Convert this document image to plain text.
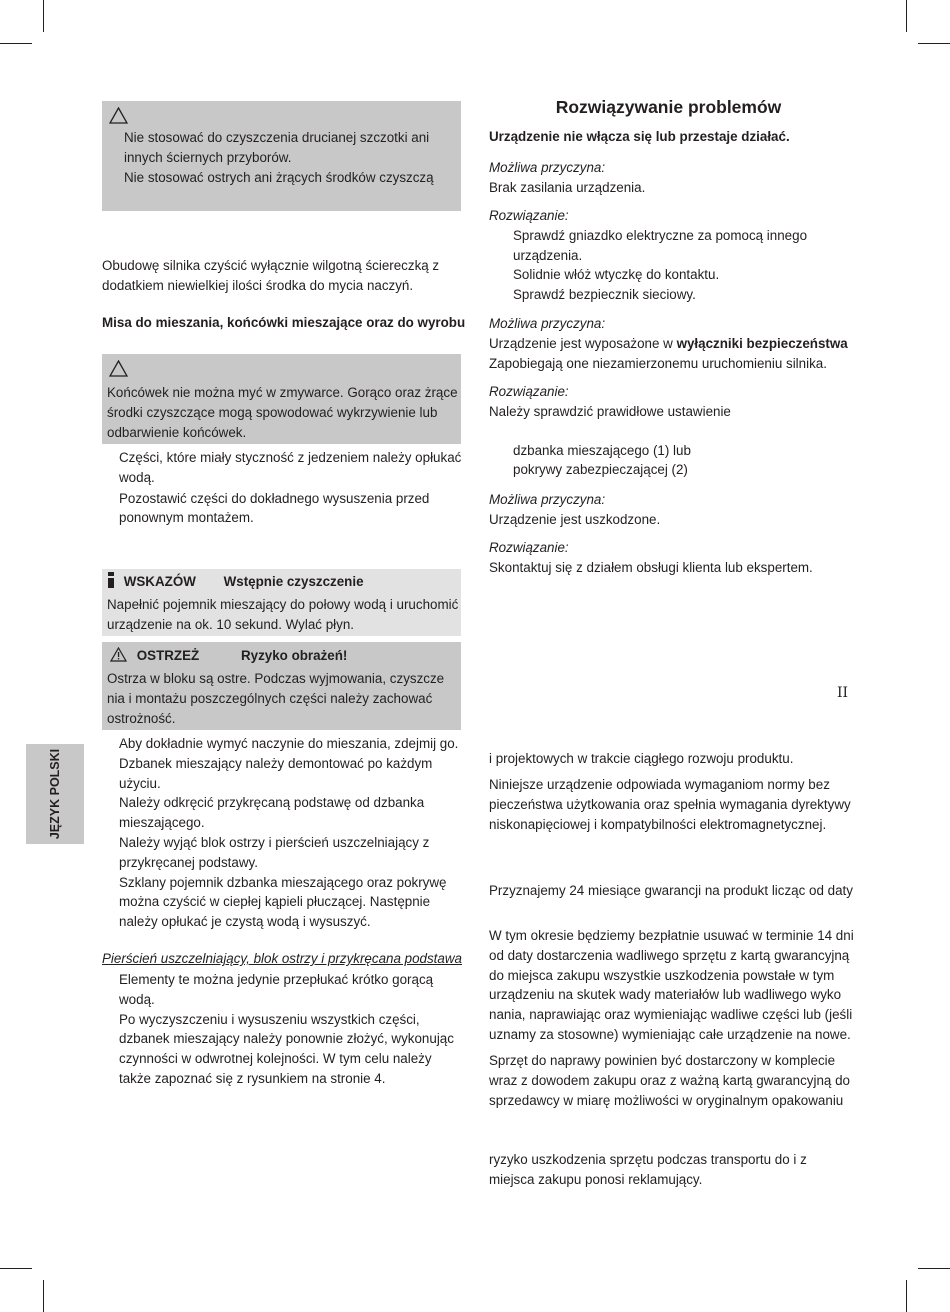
Nie stosować do czyszczenia drucianej szczotki ani
innych ściernych przyborów.
Nie stosować ostrych ani żrących środków czyszczą
Obudowę silnika czyścić wyłącznie wilgotną ściereczką z
dodatkiem niewielkiej ilości środka do mycia naczyń.
Misa do mieszania, końcówki mieszające oraz do wyrobu
Końcówek nie można myć w zmywarce. Gorąco oraz żrące
środki czyszczące mogą spowodować wykrzywienie lub
odbarwienie końcówek.
Części, które miały styczność z jedzeniem należy opłukać
wodą.
Pozostawić części do dokładnego wysuszenia przed
ponownym montażem.
WSKAZÓW Wstępnie czyszczenie
Napełnić pojemnik mieszający do połowy wodą i uruchomić
urządzenie na ok. 10 sekund. Wylać płyn.
OSTRZEŻ	Ryzyko obrażeń!
Ostrza w bloku są ostre. Podczas wyjmowania, czyszcze
nia i montażu poszczególnych części należy zachować
ostrożność.
Aby dokładnie wymyć naczynie do mieszania, zdejmij go.
Dzbanek mieszający należy demontować po każdym
użyciu.
Należy odkręcić przykręcaną podstawę od dzbanka
mieszającego.
Należy wyjąć blok ostrzy i pierścień uszczelniający z
przykręcanej podstawy.
Szklany pojemnik dzbanka mieszającego oraz pokrywę
można czyścić w ciepłej kąpieli płuczącej. Następnie
należy opłukać je czystą wodą i wysuszyć.
Pierścień uszczelniający, blok ostrzy i przykręcana podstawa
Elementy te można jedynie przepłukać krótko gorącą
wodą.
Po wyczyszczeniu i wysuszeniu wszystkich części,
dzbanek mieszający należy ponownie złożyć, wykonując
czynności w odwrotnej kolejności. W tym celu należy
także zapoznać się z rysunkiem na stronie 4.
JĘZYK POLSKI
Rozwiązywanie problemów
Urządzenie nie włącza się lub przestaje działać.
Możliwa przyczyna:
Brak zasilania urządzenia.
Rozwiązanie:
Sprawdź gniazdko elektryczne za pomocą innego
urządzenia.
Solidnie włóż wtyczkę do kontaktu.
Sprawdź bezpiecznik sieciowy.
Możliwa przyczyna:
Urządzenie jest wyposażone w wyłączniki bezpieczeństwa
Zapobiegają one niezamierzonemu uruchomieniu silnika.
Rozwiązanie:
Należy sprawdzić prawidłowe ustawienie
dzbanka mieszającego (1) lub
pokrywy zabezpieczającej (2)
Możliwa przyczyna:
Urządzenie jest uszkodzone.
Rozwiązanie:
Skontaktuj się z działem obsługi klienta lub ekspertem.
II
i projektowych w trakcie ciągłego rozwoju produktu.
Niniejsze urządzenie odpowiada wymaganiom normy bez
pieczeństwa użytkowania oraz spełnia wymagania dyrektywy
niskonapięciowej i kompatybilności elektromagnetycznej.
Przyznajemy 24 miesiące gwarancji na produkt licząc od daty
W tym okresie będziemy bezpłatnie usuwać w terminie 14 dni
od daty dostarczenia wadliwego sprzętu z kartą gwarancyjną
do miejsca zakupu wszystkie uszkodzenia powstałe w tym
urządzeniu na skutek wady materiałów lub wadliwego wyko
nania, naprawiając oraz wymieniając wadliwe części lub (jeśli
uznamy za stosowne) wymieniając całe urządzenie na nowe.
Sprzęt do naprawy powinien być dostarczony w komplecie
wraz z dowodem zakupu oraz z ważną kartą gwarancyjną do
sprzedawcy w miarę możliwości w oryginalnym opakowaniu
ryzyko uszkodzenia sprzętu podczas transportu do i z
miejsca zakupu ponosi reklamujący.
